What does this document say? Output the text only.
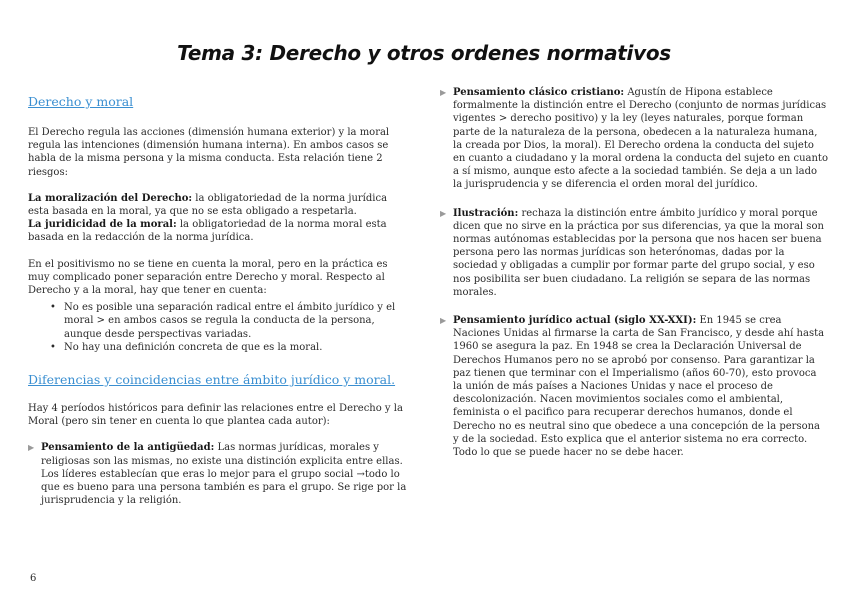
Tema 3: Derecho y otros ordenes normativos
Derecho y moral

El Derecho regula las acciones (dimensión humana exterior) y la moral regula las intenciones (dimensión humana interna). En ambos casos se habla de la misma persona y la misma conducta. Esta relación tiene 2 riesgos:

La moralización del Derecho: la obligatoriedad de la norma jurídica esta basada en la moral, ya que no se esta obligado a respetarla.

La juridicidad de la moral: la obligatoriedad de la norma moral esta basada en la redacción de la norma jurídica.

En el positivismo no se tiene en cuenta la moral, pero en la práctica es muy complicado poner separación entre Derecho y moral. Respecto al Derecho y a la moral, hay que tener en cuenta:

• No es posible una separación radical entre el ámbito jurídico y el moral > en ambos casos se regula la conducta de la persona, aunque desde perspectivas variadas.
• No hay una definición concreta de que es la moral.
Diferencias y coincidencias entre ámbito jurídico y moral.

Hay 4 períodos históricos para definir las relaciones entre el Derecho y la Moral (pero sin tener en cuenta lo que plantea cada autor):

▶ Pensamiento de la antigüedad: Las normas jurídicas, morales y religiosas son las mismas, no existe una distinción explicita entre ellas. Los líderes establecían que eras lo mejor para el grupo social →todo lo que es bueno para una persona también es para el grupo. Se rige por la jurisprudencia y la religión.
▶ Pensamiento clásico cristiano: Agustín de Hipona establece formalmente la distinción entre el Derecho (conjunto de normas jurídicas vigentes > derecho positivo) y la ley (leyes naturales, porque forman parte de la naturaleza de la persona, obedecen a la naturaleza humana, la creada por Dios, la moral). El Derecho ordena la conducta del sujeto en cuanto a ciudadano y la moral ordena la conducta del sujeto en cuanto a sí mismo, aunque esto afecte a la sociedad también. Se deja a un lado la jurisprudencia y se diferencia el orden moral del jurídico.
▶ Ilustración: rechaza la distinción entre ámbito jurídico y moral porque dicen que no sirve en la práctica por sus diferencias, ya que la moral son normas autónomas establecidas por la persona que nos hacen ser buena persona pero las normas jurídicas son heterónomas, dadas por la sociedad y obligadas a cumplir por formar parte del grupo social, y eso nos posibilita ser buen ciudadano. La religión se separa de las normas morales.
▶ Pensamiento jurídico actual (siglo XX-XXI): En 1945 se crea Naciones Unidas al firmarse la carta de San Francisco, y desde ahí hasta 1960 se asegura la paz. En 1948 se crea la Declaración Universal de Derechos Humanos pero no se aprobó por consenso. Para garantizar la paz tienen que terminar con el Imperialismo (años 60-70), esto provoca la unión de más países a Naciones Unidas y nace el proceso de descolonización. Nacen movimientos sociales como el ambiental, feminista o el pacifico para recuperar derechos humanos, donde el Derecho no es neutral sino que obedece a una concepción de la persona y de la sociedad. Esto explica que el anterior sistema no era correcto. Todo lo que se puede hacer no se debe hacer.
6
